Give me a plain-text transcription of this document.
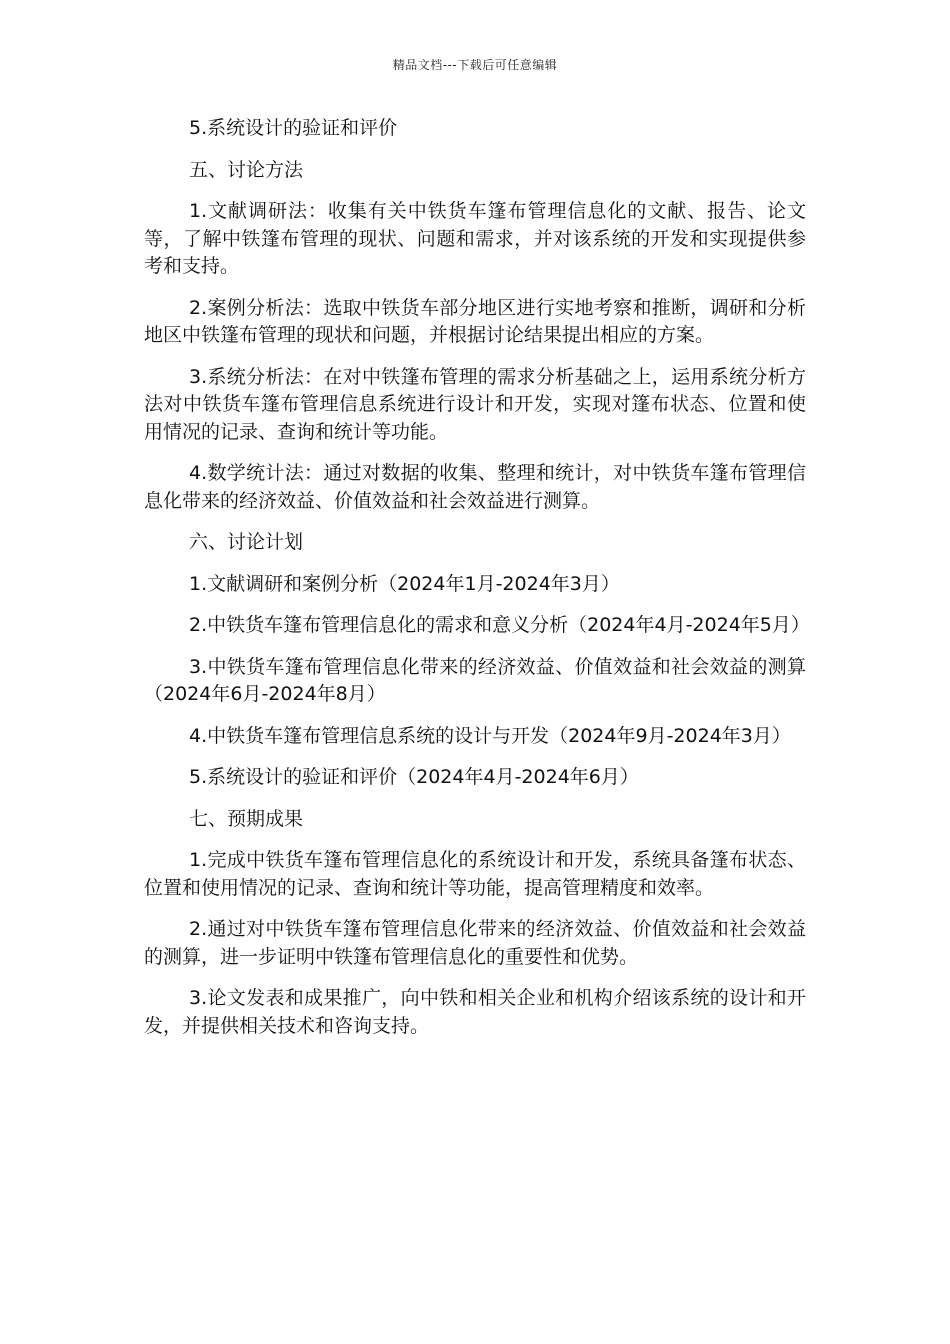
精品文档---下载后可任意编辑

5.系统设计的验证和评价

五、讨论方法

1.文献调研法：收集有关中铁货车篷布管理信息化的文献、报告、论文等，了解中铁篷布管理的现状、问题和需求，并对该系统的开发和实现提供参考和支持。

2.案例分析法：选取中铁货车部分地区进行实地考察和推断，调研和分析地区中铁篷布管理的现状和问题，并根据讨论结果提出相应的方案。

3.系统分析法：在对中铁篷布管理的需求分析基础之上，运用系统分析方法对中铁货车篷布管理信息系统进行设计和开发，实现对篷布状态、位置和使用情况的记录、查询和统计等功能。

4.数学统计法：通过对数据的收集、整理和统计，对中铁货车篷布管理信息化带来的经济效益、价值效益和社会效益进行测算。

六、讨论计划

1.文献调研和案例分析（2024年1月-2024年3月）

2.中铁货车篷布管理信息化的需求和意义分析（2024年4月-2024年5月）

3.中铁货车篷布管理信息化带来的经济效益、价值效益和社会效益的测算（2024年6月-2024年8月）

4.中铁货车篷布管理信息系统的设计与开发（2024年9月-2024年3月）

5.系统设计的验证和评价（2024年4月-2024年6月）

七、预期成果

1.完成中铁货车篷布管理信息化的系统设计和开发，系统具备篷布状态、位置和使用情况的记录、查询和统计等功能，提高管理精度和效率。

2.通过对中铁货车篷布管理信息化带来的经济效益、价值效益和社会效益的测算，进一步证明中铁篷布管理信息化的重要性和优势。

3.论文发表和成果推广，向中铁和相关企业和机构介绍该系统的设计和开发，并提供相关技术和咨询支持。
